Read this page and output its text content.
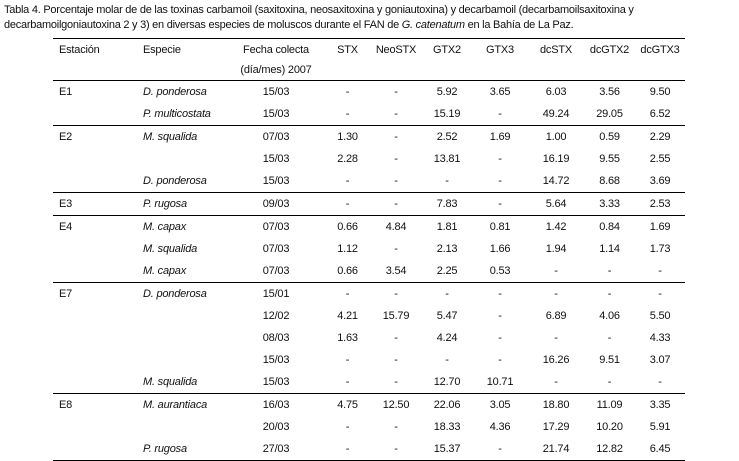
Tabla 4. Porcentaje molar de de las toxinas carbamoil (saxitoxina, neosaxitoxina y goniautoxina) y decarbamoil (decarbamoilsaxitoxina y decarbamoilgoniautoxina 2 y 3) en diversas especies de moluscos durante el FAN de G. catenatum en la Bahía de La Paz.
Estación	Especie	Fecha colecta	STX	NeoSTX	GTX2	GTX3	dcSTX	dcGTX2	dcGTX3
		(día/mes) 2007							
E1	D. ponderosa	15/03	-	-	5.92	3.65	6.03	3.56	9.50
	P. multicostata	15/03	-	-	15.19	-	49.24	29.05	6.52
E2	M. squalida	07/03	1.30	-	2.52	1.69	1.00	0.59	2.29
		15/03	2.28	-	13.81	-	16.19	9.55	2.55
	D. ponderosa	15/03	-	-	-	-	14.72	8.68	3.69
E3	P. rugosa	09/03	-	-	7.83	-	5.64	3.33	2.53
E4	M. capax	07/03	0.66	4.84	1.81	0.81	1.42	0.84	1.69
	M. squalida	07/03	1.12	-	2.13	1.66	1.94	1.14	1.73
	M. capax	07/03	0.66	3.54	2.25	0.53	-	-	-
E7	D. ponderosa	15/01	-	-	-	-	-	-	-
		12/02	4.21	15.79	5.47	-	6.89	4.06	5.50
		08/03	1.63	-	4.24	-	-	-	4.33
		15/03	-	-	-	-	16.26	9.51	3.07
	M. squalida	15/03	-	-	12.70	10.71	-	-	-
E8	M. aurantiaca	16/03	4.75	12.50	22.06	3.05	18.80	11.09	3.35
		20/03	-	-	18.33	4.36	17.29	10.20	5.91
	P. rugosa	27/03	-	-	15.37	-	21.74	12.82	6.45
